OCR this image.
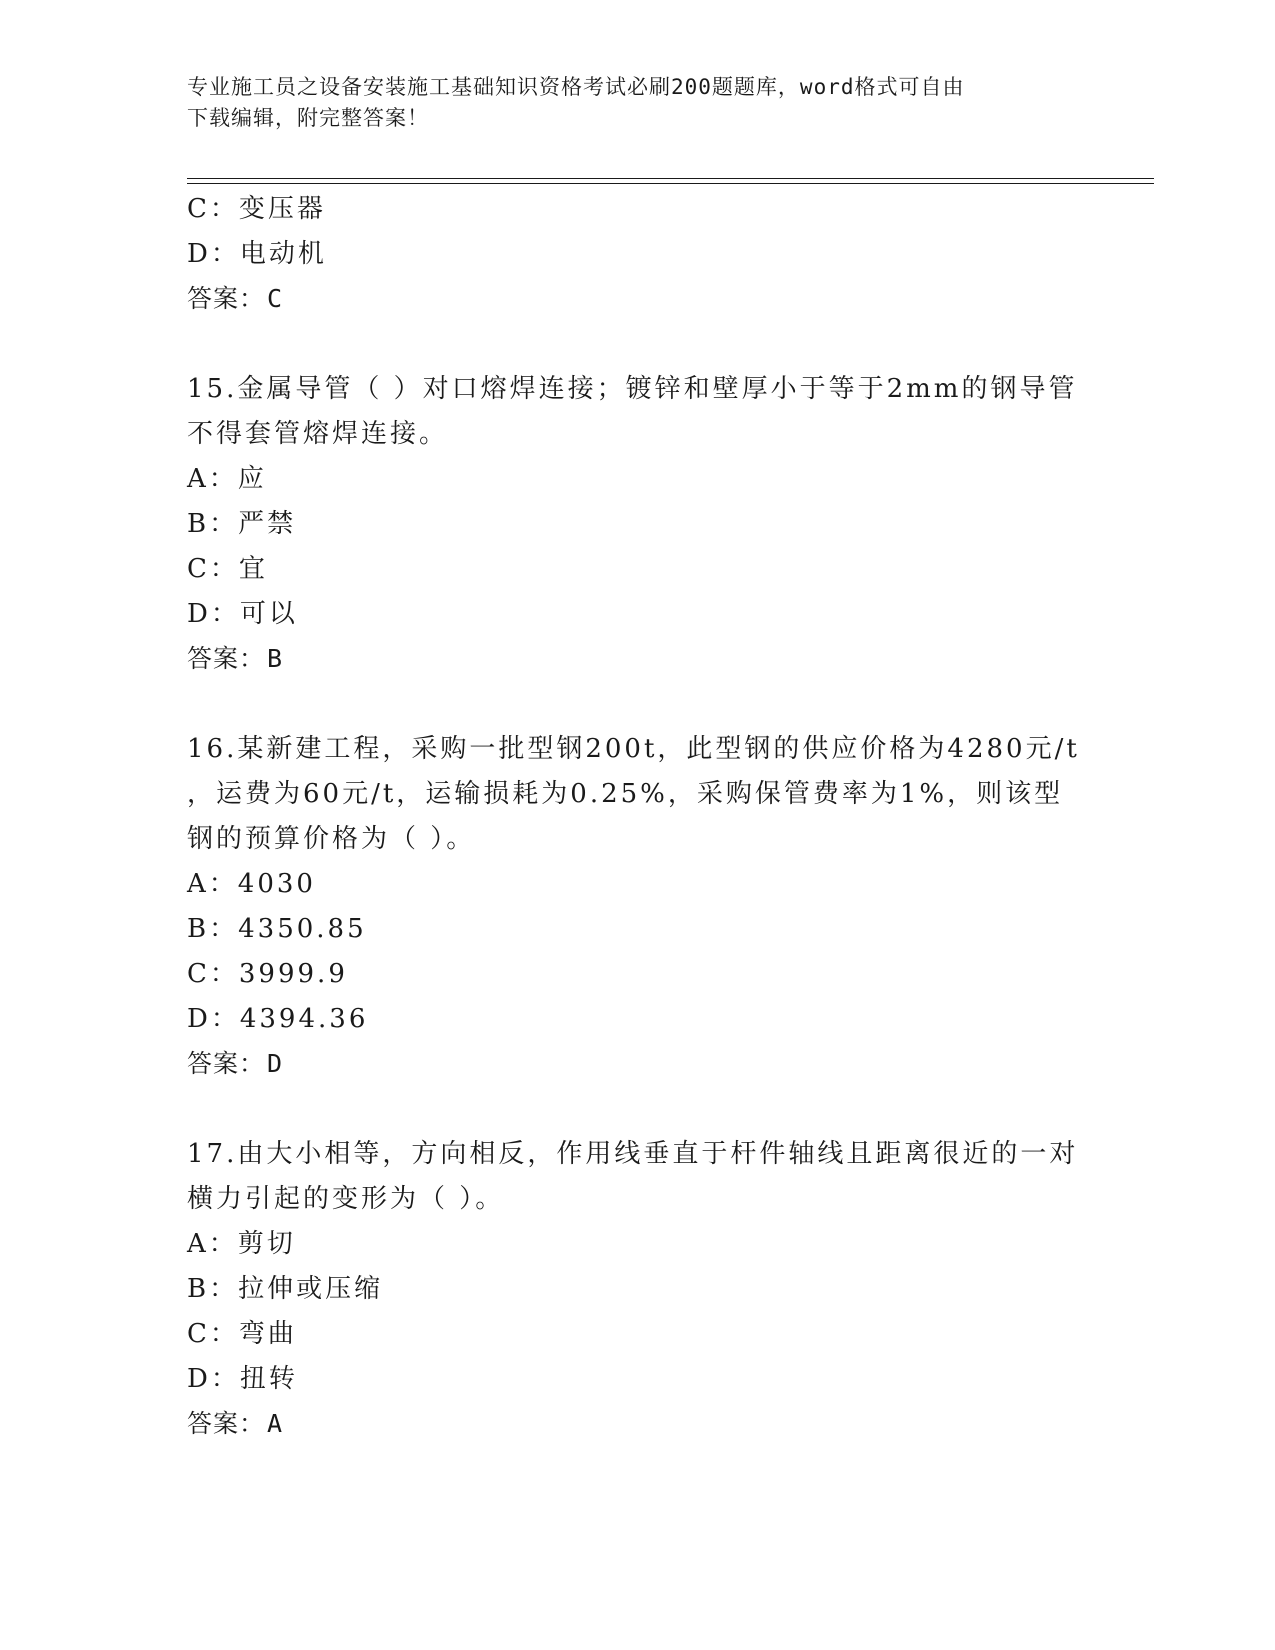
专业施工员之设备安装施工基础知识资格考试必刷200题题库，word格式可自由
下载编辑，附完整答案！
C：变压器
D：电动机
答案：C
15.金属导管（ ）对口熔焊连接；镀锌和壁厚小于等于2mm的钢导管
不得套管熔焊连接。
A：应
B：严禁
C：宜
D：可以
答案：B
16.某新建工程，采购一批型钢200t，此型钢的供应价格为4280元/t
，运费为60元/t，运输损耗为0.25%，采购保管费率为1%，则该型
钢的预算价格为（ ）。
A：4030
B：4350.85
C：3999.9
D：4394.36
答案：D
17.由大小相等，方向相反，作用线垂直于杆件轴线且距离很近的一对
横力引起的变形为（ ）。
A：剪切
B：拉伸或压缩
C：弯曲
D：扭转
答案：A
